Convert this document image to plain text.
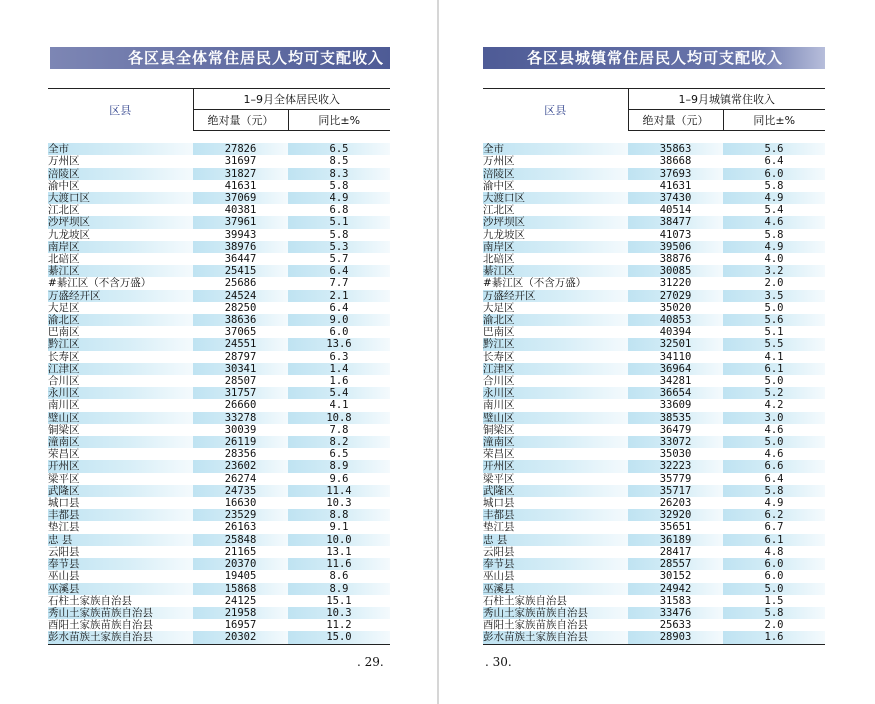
各区县全体常住居民人均可支配收入
区县	1–9月全体居民收入	
	绝对量（元）	同比±%

全市	27826	6.5
万州区	31697	8.5
涪陵区	31827	8.3
渝中区	41631	5.8
大渡口区	37069	4.9
江北区	40381	6.8
沙坪坝区	37961	5.1
九龙坡区	39943	5.8
南岸区	38976	5.3
北碚区	36447	5.7
綦江区	25415	6.4
#綦江区（不含万盛）	25686	7.7
万盛经开区	24524	2.1
大足区	28250	6.4
渝北区	38636	9.0
巴南区	37065	6.0
黔江区	24551	13.6
长寿区	28797	6.3
江津区	30341	1.4
合川区	28507	1.6
永川区	31757	5.4
南川区	26660	4.1
璧山区	33278	10.8
铜梁区	30039	7.8
潼南区	26119	8.2
荣昌区	28356	6.5
开州区	23602	8.9
梁平区	26274	9.6
武隆区	24735	11.4
城口县	16630	10.3
丰都县	23529	8.8
垫江县	26163	9.1
忠 县	25848	10.0
云阳县	21165	13.1
奉节县	20370	11.6
巫山县	19405	8.6
巫溪县	15868	8.9
石柱土家族自治县	24125	15.1
秀山土家族苗族自治县	21958	10.3
酉阳土家族苗族自治县	16957	11.2
彭水苗族土家族自治县	20302	15.0
. 29.
各区县城镇常住居民人均可支配收入
区县	1–9月城镇常住收入	
	绝对量（元）	同比±%

全市	35863	5.6
万州区	38668	6.4
涪陵区	37693	6.0
渝中区	41631	5.8
大渡口区	37430	4.9
江北区	40514	5.4
沙坪坝区	38477	4.6
九龙坡区	41073	5.8
南岸区	39506	4.9
北碚区	38876	4.0
綦江区	30085	3.2
#綦江区（不含万盛）	31220	2.0
万盛经开区	27029	3.5
大足区	35020	5.0
渝北区	40853	5.6
巴南区	40394	5.1
黔江区	32501	5.5
长寿区	34110	4.1
江津区	36964	6.1
合川区	34281	5.0
永川区	36654	5.2
南川区	33609	4.2
璧山区	38535	3.0
铜梁区	36479	4.6
潼南区	33072	5.0
荣昌区	35030	4.6
开州区	32223	6.6
梁平区	35779	6.4
武隆区	35717	5.8
城口县	26203	4.9
丰都县	32920	6.2
垫江县	35651	6.7
忠 县	36189	6.1
云阳县	28417	4.8
奉节县	28557	6.0
巫山县	30152	6.0
巫溪县	24942	5.0
石柱土家族自治县	31583	1.5
秀山土家族苗族自治县	33476	5.8
酉阳土家族苗族自治县	25633	2.0
彭水苗族土家族自治县	28903	1.6
. 30.
